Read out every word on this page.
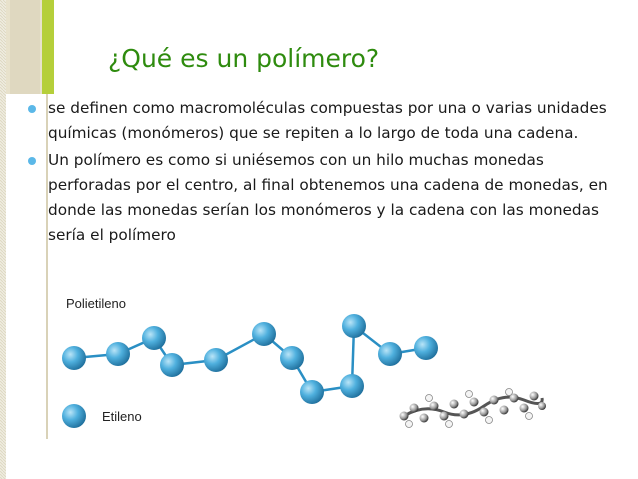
¿Qué es un polímero?
se definen como macromoléculas compuestas por una o varias unidades químicas (monómeros) que se repiten a lo largo de toda una cadena.
Un polímero es como si uniésemos con un hilo muchas monedas perforadas por el centro, al final obtenemos una cadena de monedas, en donde las monedas serían los monómeros y la cadena con las monedas sería el polímero
Polietileno
Etileno
